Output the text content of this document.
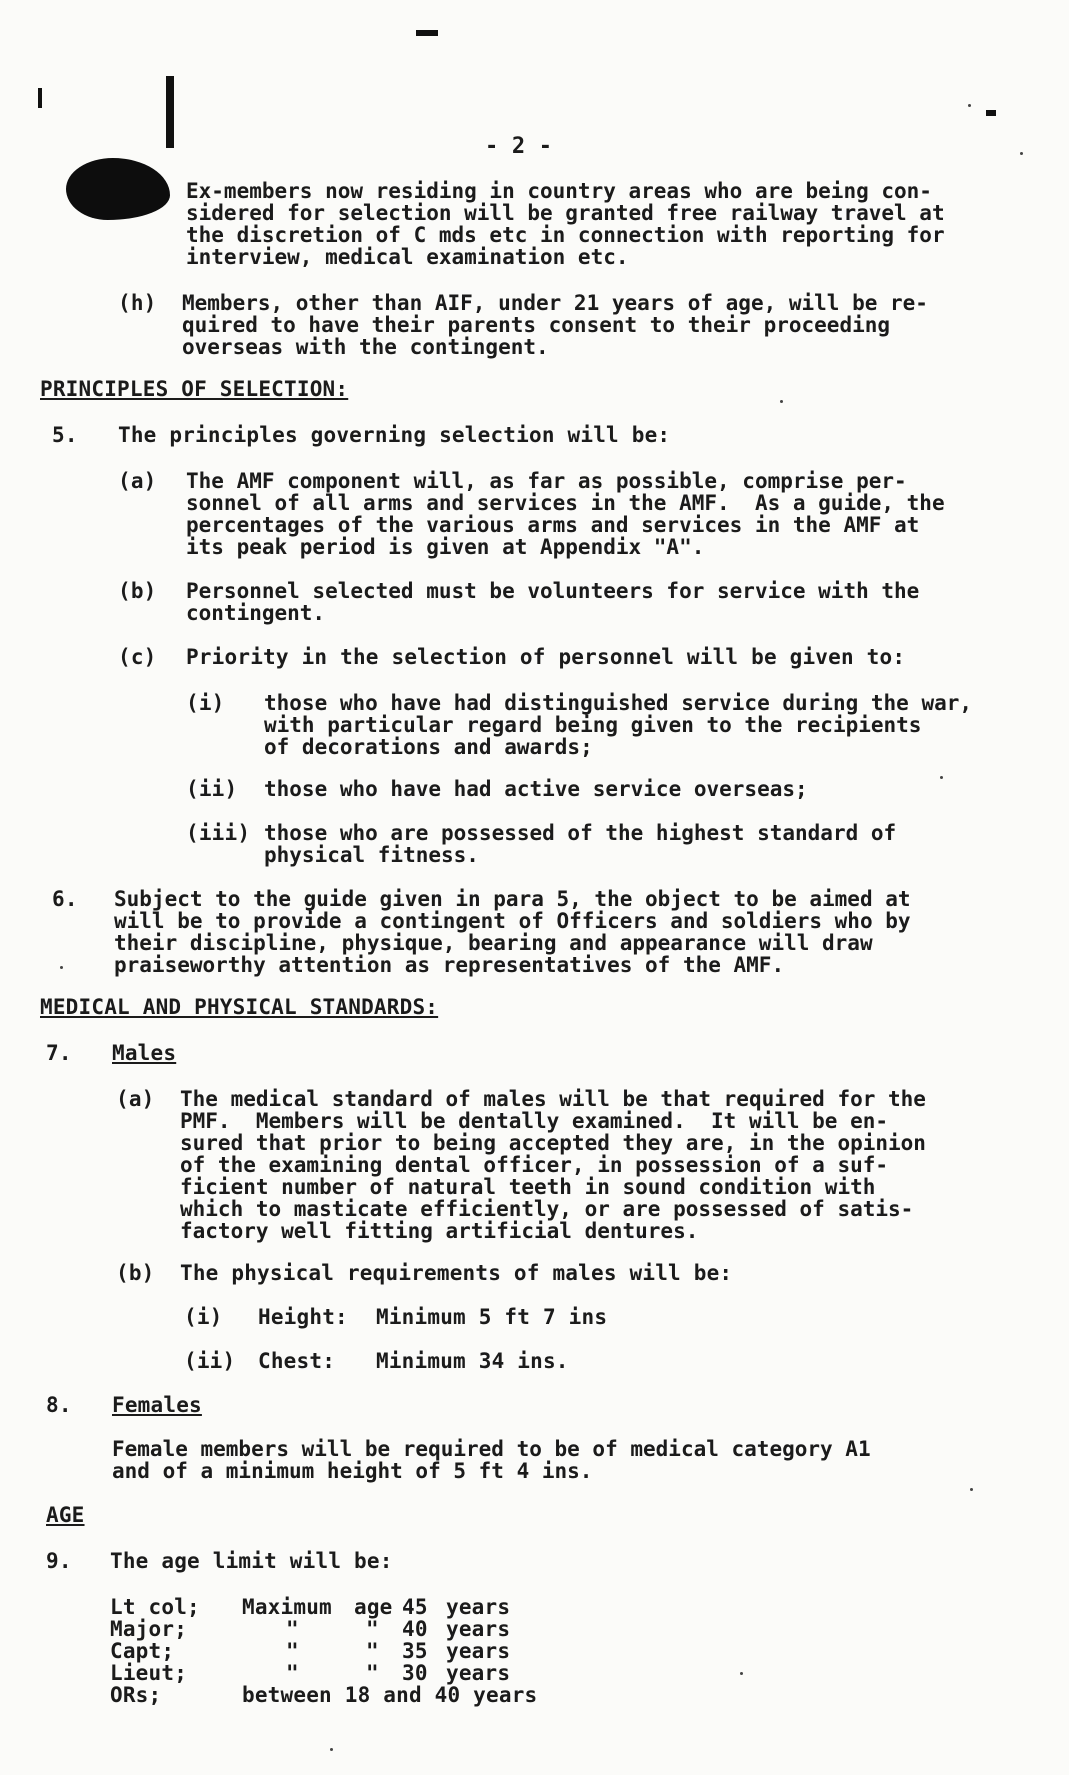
- 2 -
Ex-members now residing in country areas who are being con-
sidered for selection will be granted free railway travel at
the discretion of C mds etc in connection with reporting for
interview, medical examination etc.
(h) Members, other than AIF, under 21 years of age, will be re-
quired to have their parents consent to their proceeding
overseas with the contingent.
PRINCIPLES OF SELECTION:
5. The principles governing selection will be:
(a) The AMF component will, as far as possible, comprise per-
sonnel of all arms and services in the AMF.  As a guide, the
percentages of the various arms and services in the AMF at
its peak period is given at Appendix "A".
(b) Personnel selected must be volunteers for service with the
contingent.
(c) Priority in the selection of personnel will be given to:
(i) those who have had distinguished service during the war,
with particular regard being given to the recipients
of decorations and awards;
(ii) those who have had active service overseas;
(iii) those who are possessed of the highest standard of
physical fitness.
6. Subject to the guide given in para 5, the object to be aimed at
will be to provide a contingent of Officers and soldiers who by
their discipline, physique, bearing and appearance will draw
praiseworthy attention as representatives of the AMF.
MEDICAL AND PHYSICAL STANDARDS:
7. Males
(a) The medical standard of males will be that required for the
PMF.  Members will be dentally examined.  It will be en-
sured that prior to being accepted they are, in the opinion
of the examining dental officer, in possession of a suf-
ficient number of natural teeth in sound condition with
which to masticate efficiently, or are possessed of satis-
factory well fitting artificial dentures.
(b) The physical requirements of males will be:
(i) Height: Minimum 5 ft 7 ins
(ii) Chest: Minimum 34 ins.
8. Females
Female members will be required to be of medical category A1
and of a minimum height of 5 ft 4 ins.
AGE
9. The age limit will be:
Lt col; Maximum age 45 years
Major;	"	" 40 years
Capt;	"	" 35 years
Lieut;	"	" 30 years
ORs;	between 18 and 40 years
